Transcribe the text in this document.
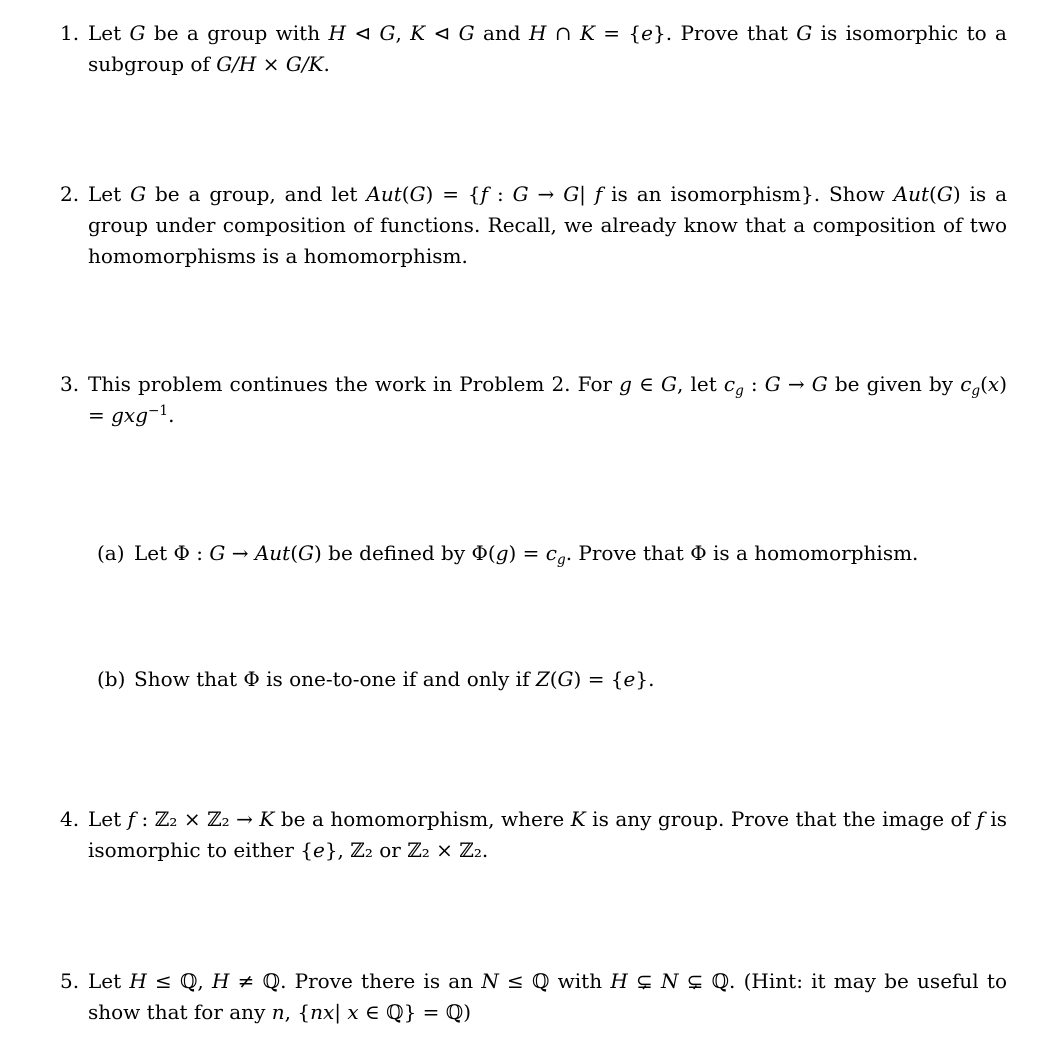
1. Let G be a group with H ⊲ G, K ⊲ G and H ∩ K = {e}. Prove that G is isomorphic to a subgroup of G/H × G/K.

2. Let G be a group, and let Aut(G) = {f : G → G| f is an isomorphism}. Show Aut(G) is a group under composition of functions. Recall, we already know that a composition of two homomorphisms is a homomorphism.

3. This problem continues the work in Problem 2. For g ∈ G, let $c_g$ : G → G be given by $c_g(x) = gxg^{-1}$.

(a) Let Φ : G → Aut(G) be defined by $\Phi(g) = c_g$. Prove that Φ is a homomorphism.

(b) Show that Φ is one-to-one if and only if Z(G) = {e}.

4. Let f : ℤ₂ × ℤ₂ → K be a homomorphism, where K is any group. Prove that the image of f is isomorphic to either {e}, ℤ₂ or ℤ₂ × ℤ₂.

5. Let H ≤ ℚ, H ≠ ℚ. Prove there is an N ≤ ℚ with H ⊊ N ⊊ ℚ. (Hint: it may be useful to show that for any n, {nx| x ∈ ℚ} = ℚ)
